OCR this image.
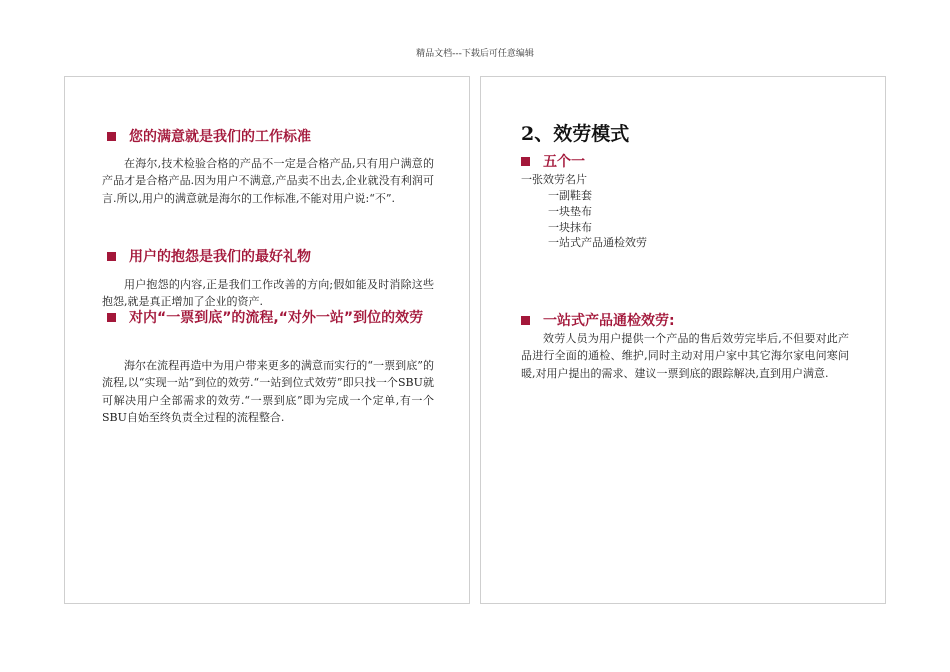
精品文档---下载后可任意编辑
您的满意就是我们的工作标准

在海尔,技术检验合格的产品不一定是合格产品,只有用户满意的产品才是合格产品.因为用户不满意,产品卖不出去,企业就没有利润可言.所以,用户的满意就是海尔的工作标准,不能对用户说:“不”.

用户的抱怨是我们的最好礼物

用户抱怨的内容,正是我们工作改善的方向;假如能及时消除这些抱怨,就是真正增加了企业的资产.

对内“一票到底”的流程,“对外一站”到位的效劳

海尔在流程再造中为用户带来更多的满意而实行的“一票到底”的流程,以“实现一站”到位的效劳.“一站到位式效劳”即只找一个SBU就可解决用户全部需求的效劳.“一票到底”即为完成一个定单,有一个SBU自始至终负责全过程的流程整合.

2、效劳模式
五个一
一张效劳名片
一副鞋套
一块垫布
一块抹布
一站式产品通检效劳
一站式产品通检效劳:

效劳人员为用户提供一个产品的售后效劳完毕后,不但要对此产品进行全面的通检、维护,同时主动对用户家中其它海尔家电问寒问暖,对用户提出的需求、建议一票到底的跟踪解决,直到用户满意.
